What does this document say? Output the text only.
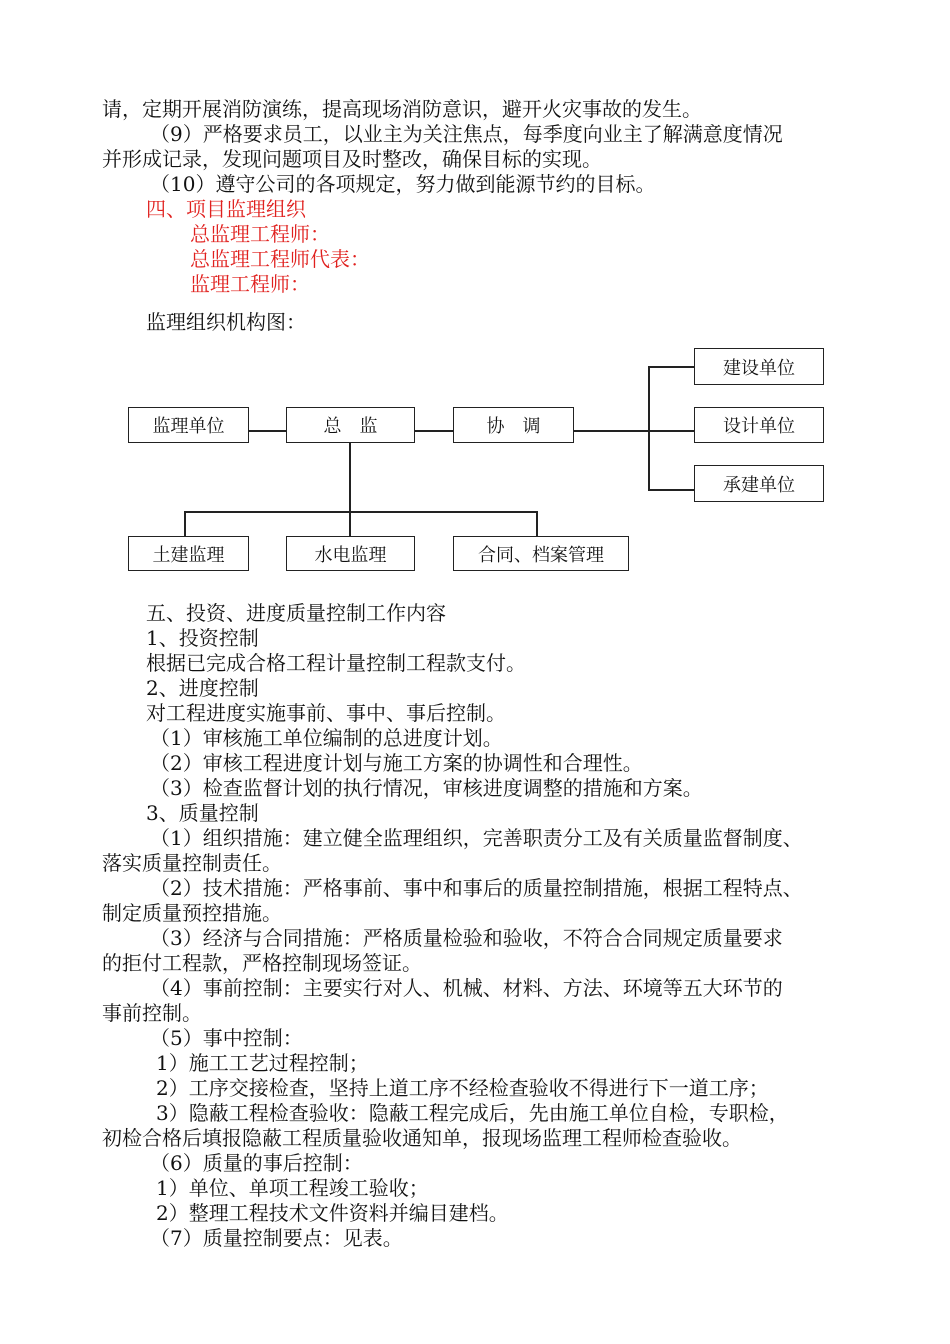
请，定期开展消防演练，提高现场消防意识，避开火灾事故的发生。
（9）严格要求员工，以业主为关注焦点，每季度向业主了解满意度情况
并形成记录，发现问题项目及时整改，确保目标的实现。
（10）遵守公司的各项规定，努力做到能源节约的目标。
四、项目监理组织
总监理工程师：
总监理工程师代表：
监理工程师：
监理组织机构图：
监理单位	总　监	协　调
建设单位
设计单位
承建单位
土建监理	水电监理	合同、档案管理
五、投资、进度质量控制工作内容
1、投资控制
根据已完成合格工程计量控制工程款支付。
2、进度控制
对工程进度实施事前、事中、事后控制。
（1）审核施工单位编制的总进度计划。
（2）审核工程进度计划与施工方案的协调性和合理性。
（3）检查监督计划的执行情况，审核进度调整的措施和方案。
3、质量控制
（1）组织措施：建立健全监理组织，完善职责分工及有关质量监督制度、
落实质量控制责任。
（2）技术措施：严格事前、事中和事后的质量控制措施，根据工程特点、
制定质量预控措施。
（3）经济与合同措施：严格质量检验和验收，不符合合同规定质量要求
的拒付工程款，严格控制现场签证。
（4）事前控制：主要实行对人、机械、材料、方法、环境等五大环节的
事前控制。
（5）事中控制：
1）施工工艺过程控制；
2）工序交接检查，坚持上道工序不经检查验收不得进行下一道工序；
3）隐蔽工程检查验收：隐蔽工程完成后，先由施工单位自检，专职检，
初检合格后填报隐蔽工程质量验收通知单，报现场监理工程师检查验收。
（6）质量的事后控制：
1）单位、单项工程竣工验收；
2）整理工程技术文件资料并编目建档。
（7）质量控制要点：见表。
